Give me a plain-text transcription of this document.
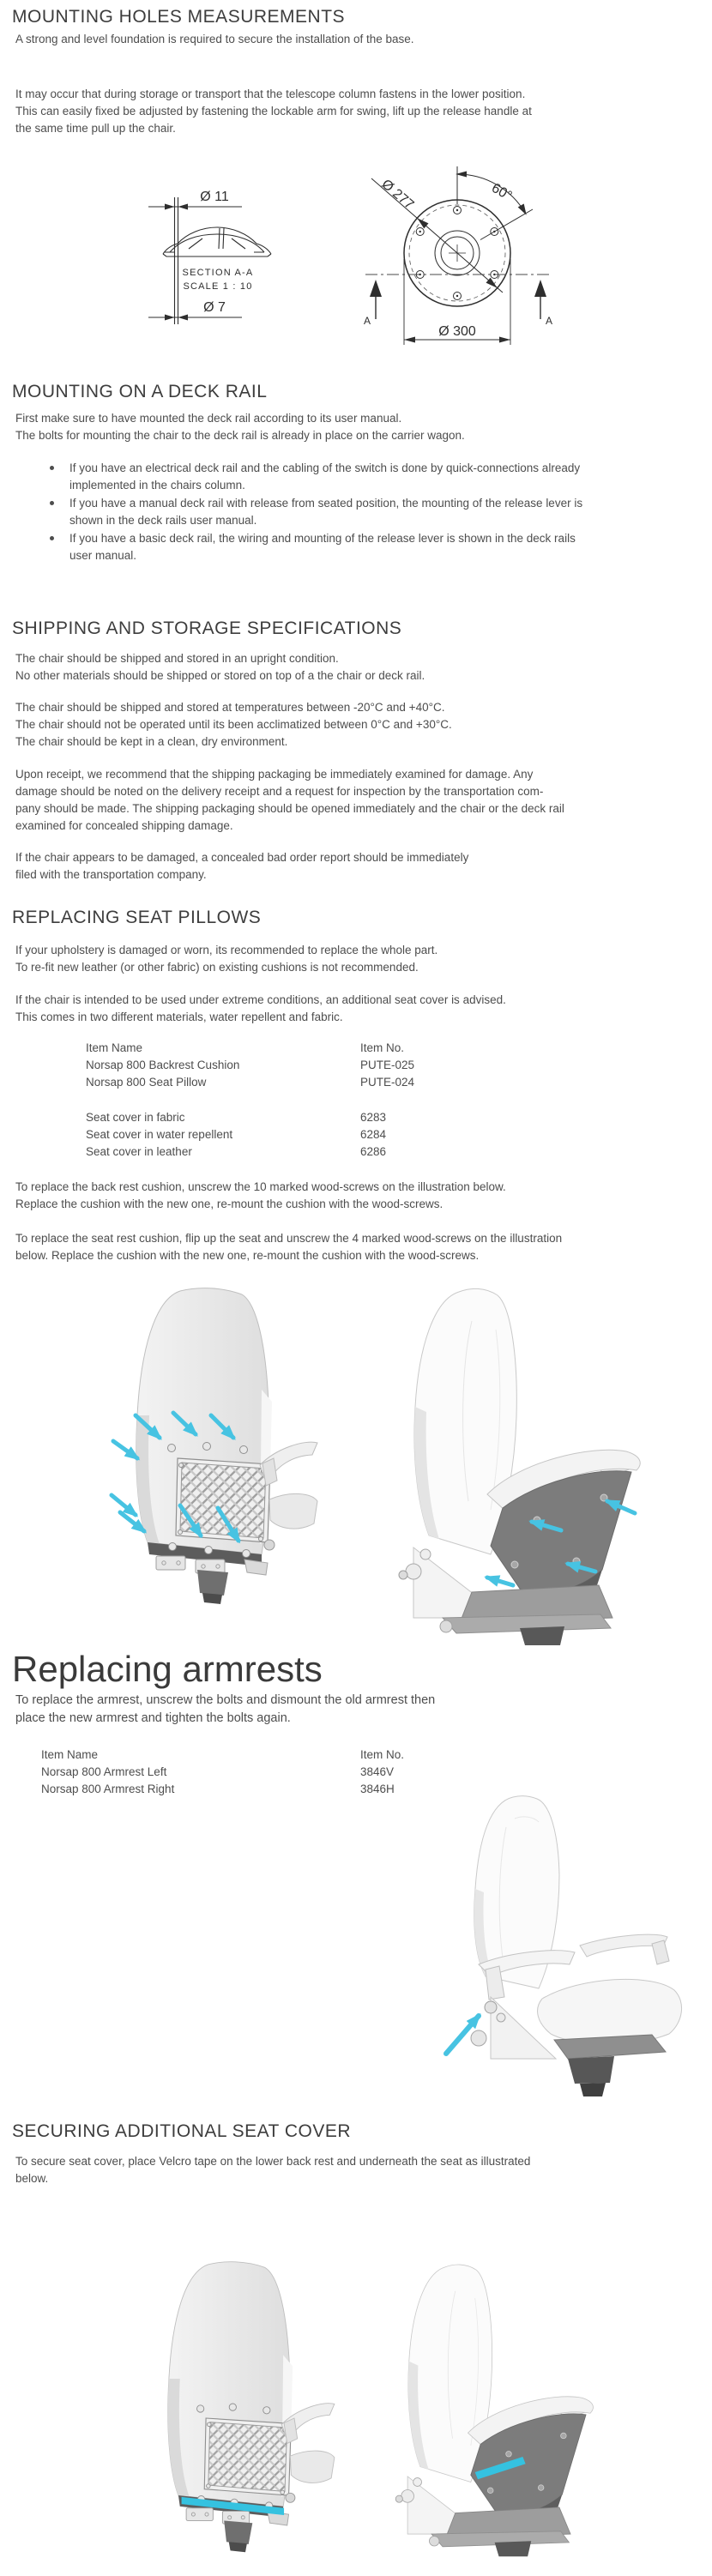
MOUNTING HOLES MEASUREMENTS
A strong and level foundation is required to secure the installation of the base.
It may occur that during storage or transport that the telescope column fastens in the lower position.
This can easily fixed be adjusted by fastening the lockable arm for swing, lift up the release handle at
the same time pull up the chair.
Ø 11
SECTION A-A
SCALE 1 : 10
Ø 7
Ø 277	60°
Ø 300
A	A
MOUNTING ON A DECK RAIL
First make sure to have mounted the deck rail according to its user manual.
The bolts for mounting the chair to the deck rail is already in place on the carrier wagon.
If you have an electrical deck rail and the cabling of the switch is done by quick-connections already
implemented in the chairs column.
If you have a manual deck rail with release from seated position, the mounting of the release lever is
shown in the deck rails user manual.
If you have a basic deck rail, the wiring and mounting of the release lever is shown in the deck rails
user manual.
SHIPPING AND STORAGE SPECIFICATIONS
The chair should be shipped and stored in an upright condition.
No other materials should be shipped or stored on top of a the chair or deck rail.
The chair should be shipped and stored at temperatures between -20°C and +40°C.
The chair should not be operated until its been acclimatized between 0°C and +30°C.
The chair should be kept in a clean, dry environment.
Upon receipt, we recommend that the shipping packaging be immediately examined for damage. Any
damage should be noted on the delivery receipt and a request for inspection by the transportation com-
pany should be made. The shipping packaging should be opened immediately and the chair or the deck rail
examined for concealed shipping damage.
If the chair appears to be damaged, a concealed bad order report should be immediately
filed with the transportation company.
REPLACING SEAT PILLOWS
If your upholstery is damaged or worn, its recommended to replace the whole part.
To re-fit new leather (or other fabric) on existing cushions is not recommended.
If the chair is intended to be used under extreme conditions, an additional seat cover is advised.
This comes in two different materials, water repellent and fabric.
Item Name	Item No.
Norsap 800 Backrest Cushion	PUTE-025
Norsap 800 Seat Pillow	PUTE-024
Seat cover in fabric	6283
Seat cover in water repellent	6284
Seat cover in leather	6286
To replace the back rest cushion, unscrew the 10 marked wood-screws on the illustration below.
Replace the cushion with the new one, re-mount the cushion with the wood-screws.
To replace the seat rest cushion, flip up the seat and unscrew the 4 marked wood-screws on the illustration
below. Replace the cushion with the new one, re-mount the cushion with the wood-screws.
Replacing armrests
To replace the armrest, unscrew the bolts and dismount the old armrest then
place the new armrest and tighten the bolts again.
Item Name	Item No.
Norsap 800 Armrest Left	3846V
Norsap 800 Armrest Right	3846H
SECURING ADDITIONAL SEAT COVER
To secure seat cover, place Velcro tape on the lower back rest and underneath the seat as illustrated
below.
